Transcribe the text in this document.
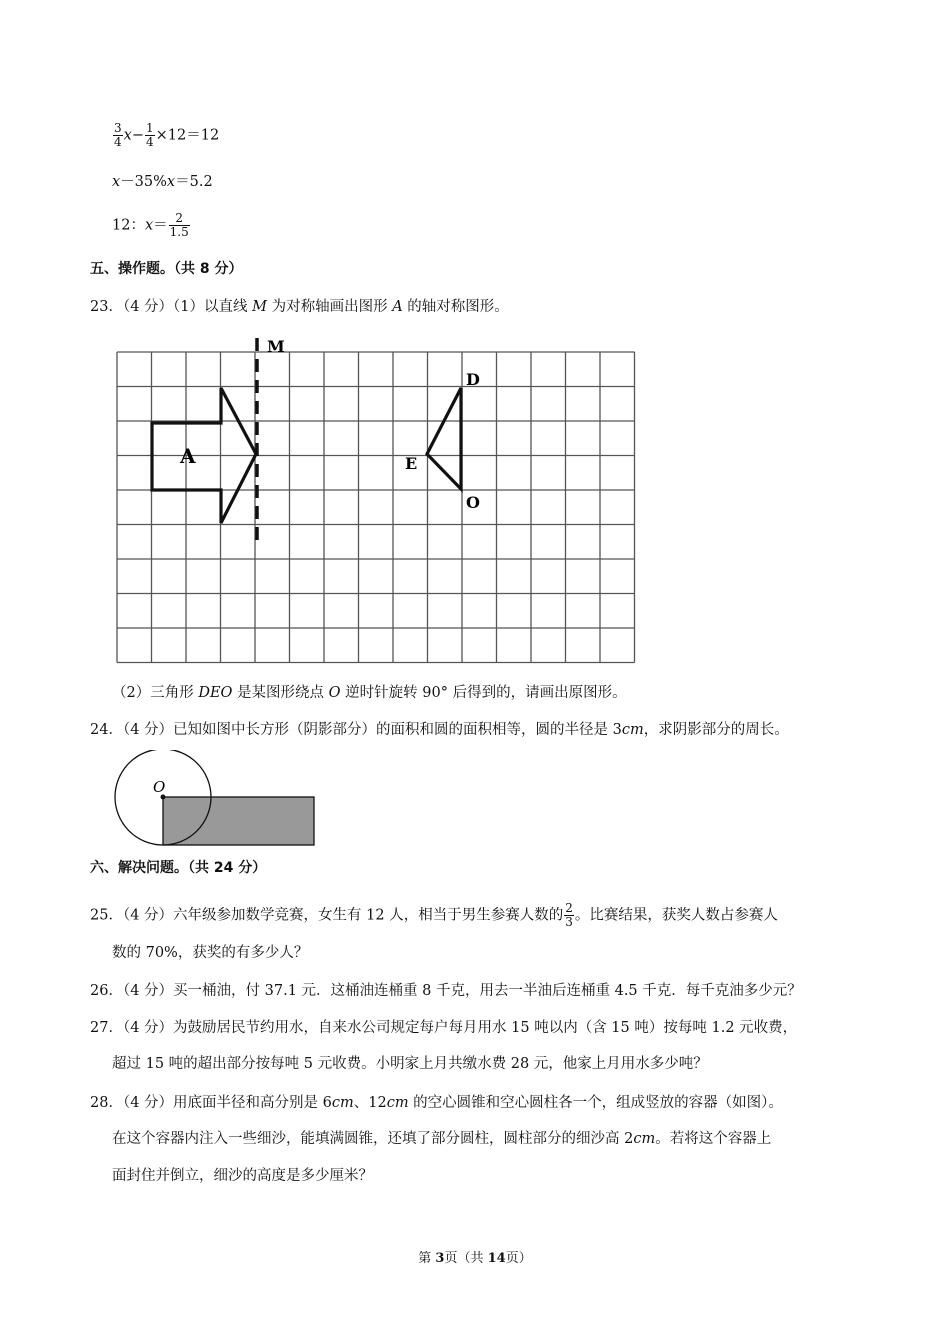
$\frac{3}{4} x- \frac{1}{4} \times 12=12$
x－35%x＝5.2
12：$x= \frac{2}{1.5}$
五、操作题。（共 8 分）
23．（4 分）（1）以直线 M 为对称轴画出图形 A 的轴对称图形。
M
A
D
E
O
（2）三角形 DEO 是某图形绕点 O 逆时针旋转 90° 后得到的，请画出原图形。
24．（4 分）已知如图中长方形（阴影部分）的面积和圆的面积相等，圆的半径是 3cm，求阴影部分的周长。
O
六、解决问题。（共 24 分）
25．（4 分）六年级参加数学竞赛，女生有 12 人，相当于男生参赛人数的 $\frac{2}{3}$ 。比赛结果，获奖人数占参赛人
数的 70%，获奖的有多少人？
26．（4 分）买一桶油，付 37.1 元．这桶油连桶重 8 千克，用去一半油后连桶重 4.5 千克．每千克油多少元？
27．（4 分）为鼓励居民节约用水，自来水公司规定每户每月用水 15 吨以内（含 15 吨）按每吨 1.2 元收费，
超过 15 吨的超出部分按每吨 5 元收费。小明家上月共缴水费 28 元，他家上月用水多少吨？
28．（4 分）用底面半径和高分别是 6cm、12cm 的空心圆锥和空心圆柱各一个，组成竖放的容器（如图）。
在这个容器内注入一些细沙，能填满圆锥，还填了部分圆柱，圆柱部分的细沙高 2cm。若将这个容器上
面封住并倒立，细沙的高度是多少厘米？
第 3页（共 14页）
